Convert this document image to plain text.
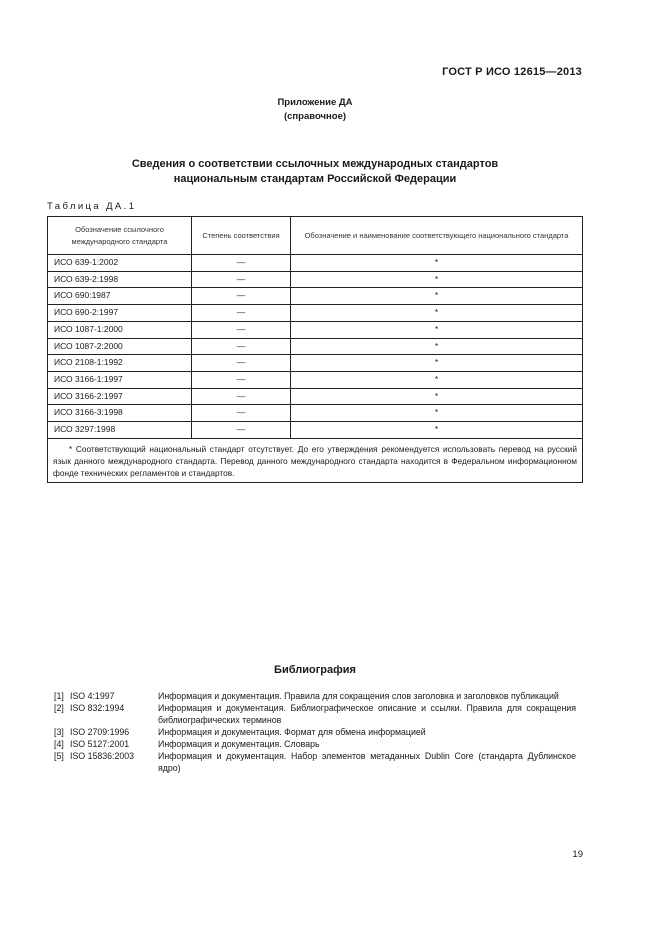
ГОСТ Р ИСО 12615—2013
Приложение ДА
(справочное)
Сведения о соответствии ссылочных международных стандартов
национальным стандартам Российской Федерации
Таблица ДА.1
Обозначение ссылочного международного стандарта	Степень соответствия	Обозначение и наименование соответствующего национального стандарта
ИСО 639-1:2002	—	*
ИСО 639-2:1998	—	*
ИСО 690:1987	—	*
ИСО 690-2:1997	—	*
ИСО 1087-1:2000	—	*
ИСО 1087-2:2000	—	*
ИСО 2108-1:1992	—	*
ИСО 3166-1:1997	—	*
ИСО 3166-2:1997	—	*
ИСО 3166-3:1998	—	*
ИСО 3297:1998	—	*
* Соответствующий национальный стандарт отсутствует. До его утверждения рекомендуется использовать перевод на русский язык данного международного стандарта. Перевод данного международного стандарта находится в Федеральном информационном фонде технических регламентов и стандартов.		
Библиография
[1] ISO 4:1997	Информация и документация. Правила для сокращения слов заголовка и заголовков публикаций
[2] ISO 832:1994	Информация и документация. Библиографическое описание и ссылки. Правила для сокращения библиографических терминов
[3] ISO 2709:1996	Информация и документация. Формат для обмена информацией
[4] ISO 5127:2001	Информация и документация. Словарь
[5] ISO 15836:2003	Информация и документация. Набор элементов метаданных Dublin Core (стандарта Дублинское ядро)
19
